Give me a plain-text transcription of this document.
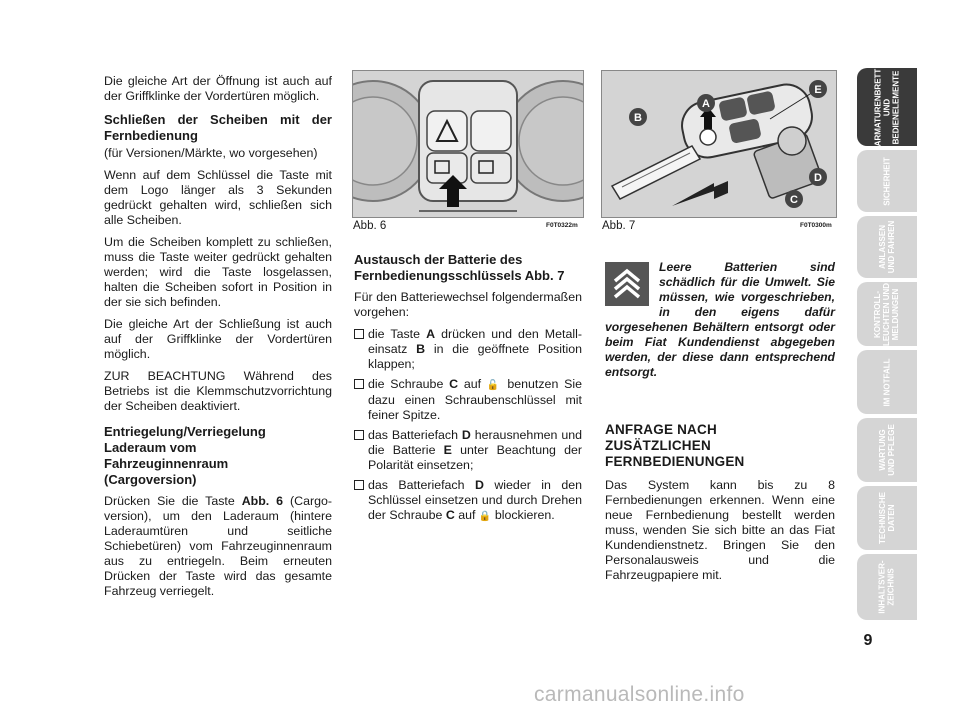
Die gleiche Art der Öffnung ist auch auf der Griffklinke der Vordertüren möglich.

Schließen der Scheiben mit der Fernbedienung

(für Versionen/Märkte, wo vorgesehen)

Wenn auf dem Schlüssel die Taste mit dem Logo länger als 3 Sekunden gedrückt gehalten wird, schließen sich alle Scheiben.

Um die Scheiben komplett zu schließen, muss die Taste weiter gedrückt gehalten werden; wird die Taste losgelassen, halten die Scheiben sofort in Position in der sie sich befinden.

Die gleiche Art der Schließung ist auch auf der Griffklinke der Vordertüren möglich.

ZUR BEACHTUNG Während des Betriebs ist die Klemmschutzvorrichtung der Scheiben deaktiviert.

Entriegelung/Verriegelung Laderaum vom Fahrzeuginnenraum (Cargoversion)

Drücken Sie die Taste Abb. 6 (Cargo-version), um den Laderaum (hintere Laderaumtüren und seitliche Schiebetüren) vom Fahrzeuginnenraum aus zu entriegeln. Beim erneuten Drücken der Taste wird das gesamte Fahrzeug verriegelt.

Abb. 6	F0T0322m
B
A
E
D
C
Abb. 7	F0T0300m
Austausch der Batterie des Fernbedienungsschlüssels Abb. 7

Für den Batteriewechsel folgendermaßen vorgehen:

die Taste A drücken und den Metall-einsatz B in die geöffnete Position klappen;
die Schraube C auf 🔓 benutzen Sie dazu einen Schraubenschlüssel mit feiner Spitze.
das Batteriefach D herausnehmen und die Batterie E unter Beachtung der Polarität einsetzen;
das Batteriefach D wieder in den Schlüssel einsetzen und durch Drehen der Schraube C auf 🔒 blockieren.
Leere Batterien sind schädlich für die Umwelt. Sie müssen, wie vorgeschrieben, in den eigens dafür vorgesehenen Behältern entsorgt oder beim Fiat Kundendienst abgegeben werden, der diese dann entsprechend entsorgt.
ANFRAGE NACH ZUSÄTZLICHEN FERNBEDIENUNGEN

Das System kann bis zu 8 Fernbedienungen erkennen. Wenn eine neue Fernbedienung bestellt werden muss, wenden Sie sich bitte an das Fiat Kundendienstnetz. Bringen Sie den Personalausweis und die Fahrzeugpapiere mit.

ARMATURENBRETT
UND
BEDIENELEMENTE
SICHERHEIT
ANLASSEN
UND FAHREN
KONTROLL-
LEUCHTEN UND
MELDUNGEN
IM NOTFALL
WARTUNG
UND PFLEGE
TECHNISCHE
DATEN
INHALTSVER-
ZEICHNIS
9
carmanualsonline.info
